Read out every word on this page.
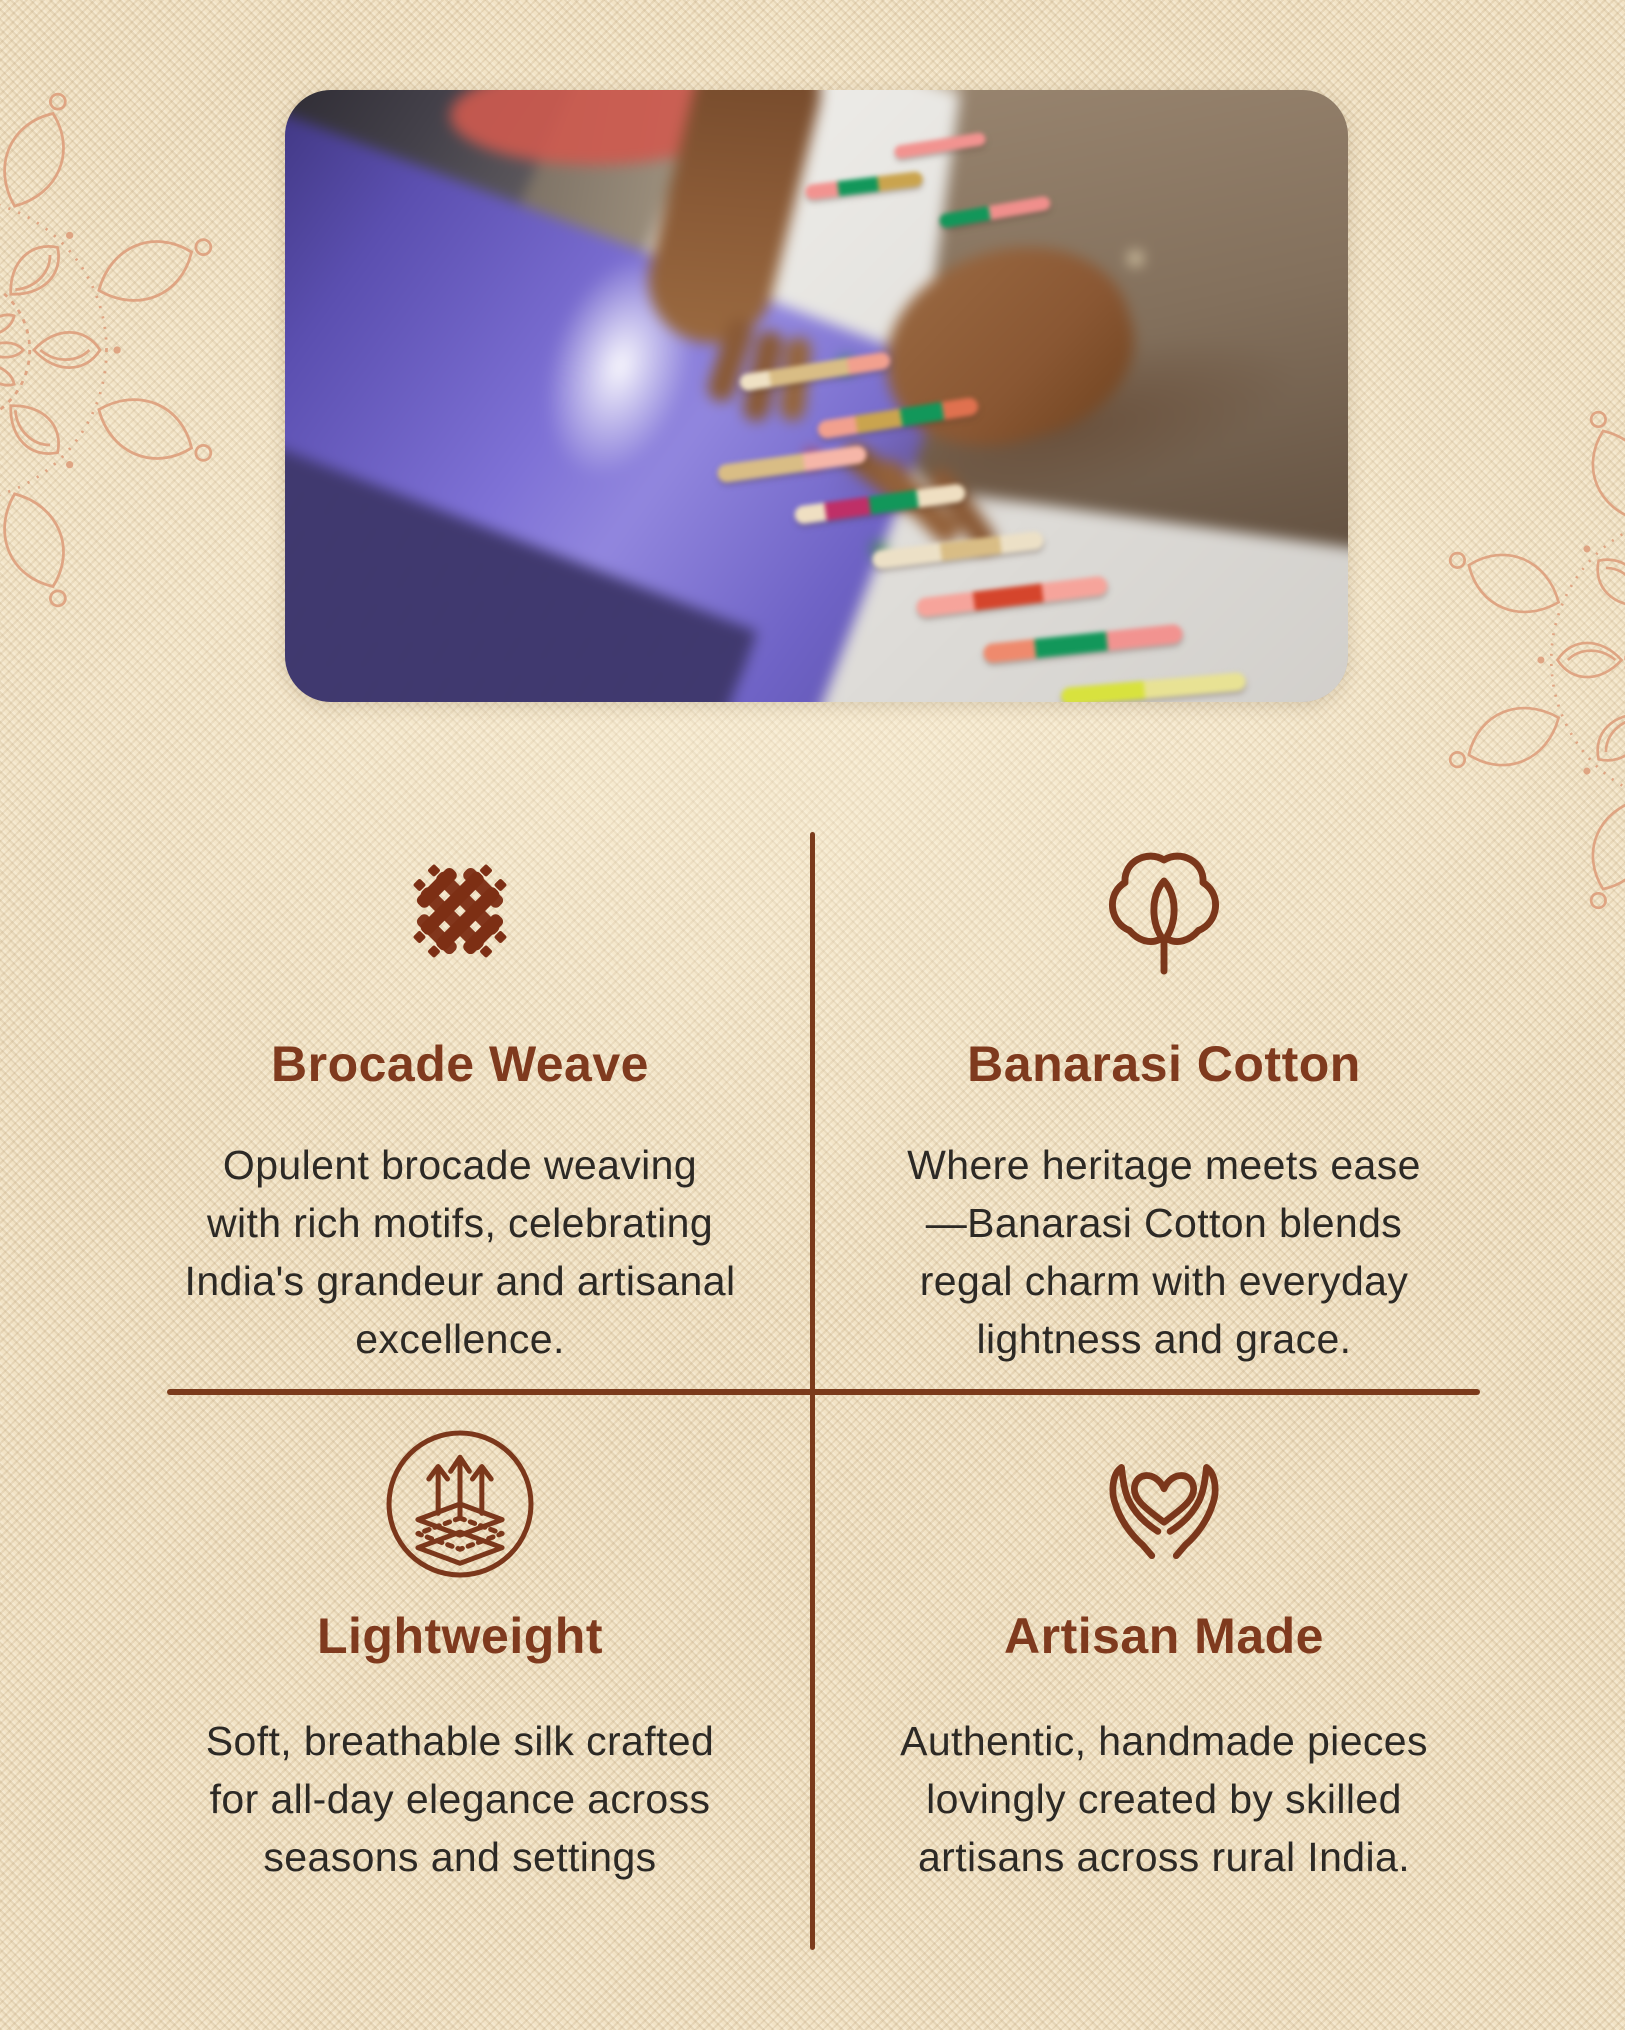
Brocade Weave

Opulent brocade weaving
with rich motifs, celebrating
India's grandeur and artisanal
excellence.

Banarasi Cotton

Where heritage meets ease
—Banarasi Cotton blends
regal charm with everyday
lightness and grace.

Lightweight

Soft, breathable silk crafted
for all-day elegance across
seasons and settings

Artisan Made

Authentic, handmade pieces
lovingly created by skilled
artisans across rural India.
